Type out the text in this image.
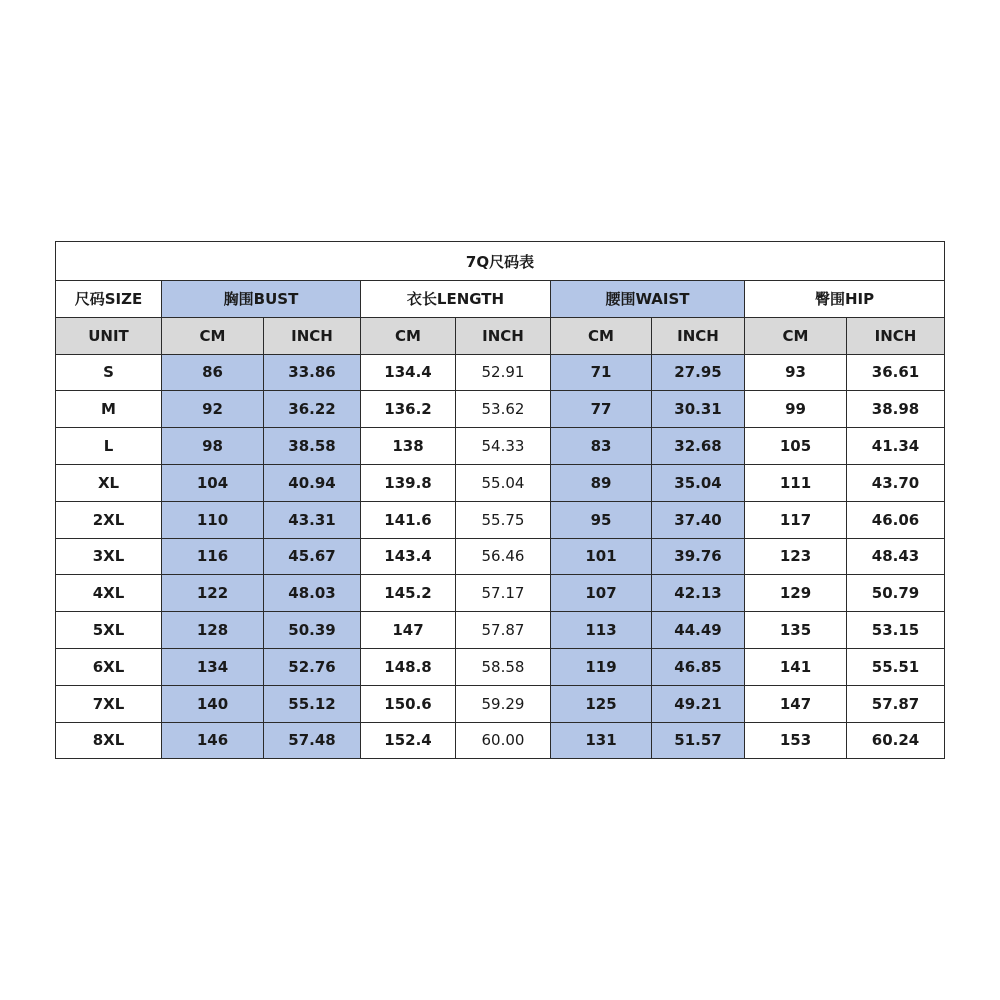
7Q尺码表								
尺码SIZE	胸围BUST		衣长LENGTH		腰围WAIST		臀围HIP	
UNIT	CM	INCH	CM	INCH	CM	INCH	CM	INCH
S	86	33.86	134.4	52.91	71	27.95	93	36.61
M	92	36.22	136.2	53.62	77	30.31	99	38.98
L	98	38.58	138	54.33	83	32.68	105	41.34
XL	104	40.94	139.8	55.04	89	35.04	111	43.70
2XL	110	43.31	141.6	55.75	95	37.40	117	46.06
3XL	116	45.67	143.4	56.46	101	39.76	123	48.43
4XL	122	48.03	145.2	57.17	107	42.13	129	50.79
5XL	128	50.39	147	57.87	113	44.49	135	53.15
6XL	134	52.76	148.8	58.58	119	46.85	141	55.51
7XL	140	55.12	150.6	59.29	125	49.21	147	57.87
8XL	146	57.48	152.4	60.00	131	51.57	153	60.24
